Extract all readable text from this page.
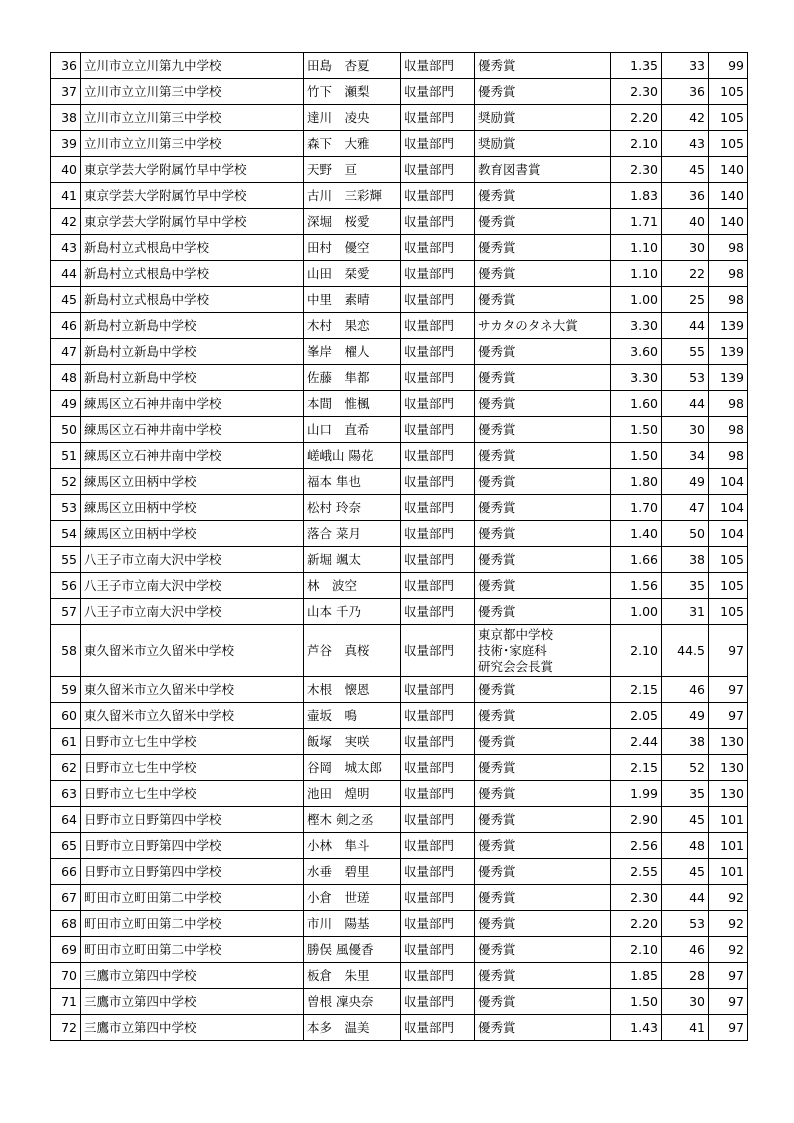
36	立川市立立川第九中学校	田島　杏夏	収量部門	優秀賞	1.35	33	99
37	立川市立立川第三中学校	竹下　瀬梨	収量部門	優秀賞	2.30	36	105
38	立川市立立川第三中学校	達川　凌央	収量部門	奨励賞	2.20	42	105
39	立川市立立川第三中学校	森下　大雅	収量部門	奨励賞	2.10	43	105
40	東京学芸大学附属竹早中学校	天野　亘	収量部門	教育図書賞	2.30	45	140
41	東京学芸大学附属竹早中学校	古川　三彩輝	収量部門	優秀賞	1.83	36	140
42	東京学芸大学附属竹早中学校	深堀　桜愛	収量部門	優秀賞	1.71	40	140
43	新島村立式根島中学校	田村　優空	収量部門	優秀賞	1.10	30	98
44	新島村立式根島中学校	山田　栞愛	収量部門	優秀賞	1.10	22	98
45	新島村立式根島中学校	中里　素晴	収量部門	優秀賞	1.00	25	98
46	新島村立新島中学校	木村　果恋	収量部門	サカタのタネ大賞	3.30	44	139
47	新島村立新島中学校	峯岸　櫂人	収量部門	優秀賞	3.60	55	139
48	新島村立新島中学校	佐藤　隼都	収量部門	優秀賞	3.30	53	139
49	練馬区立石神井南中学校	本間　惟楓	収量部門	優秀賞	1.60	44	98
50	練馬区立石神井南中学校	山口　直希	収量部門	優秀賞	1.50	30	98
51	練馬区立石神井南中学校	嵯峨山 陽花	収量部門	優秀賞	1.50	34	98
52	練馬区立田柄中学校	福本 隼也	収量部門	優秀賞	1.80	49	104
53	練馬区立田柄中学校	松村 玲奈	収量部門	優秀賞	1.70	47	104
54	練馬区立田柄中学校	落合 菜月	収量部門	優秀賞	1.40	50	104
55	八王子市立南大沢中学校	新堀 颯太	収量部門	優秀賞	1.66	38	105
56	八王子市立南大沢中学校	林　波空	収量部門	優秀賞	1.56	35	105
57	八王子市立南大沢中学校	山本 千乃	収量部門	優秀賞	1.00	31	105
58	東久留米市立久留米中学校	芦谷　真桜	収量部門	東京都中学校
技術･家庭科
研究会会長賞	2.10	44.5	97
59	東久留米市立久留米中学校	木根　懐恩	収量部門	優秀賞	2.15	46	97
60	東久留米市立久留米中学校	壷坂　鳴	収量部門	優秀賞	2.05	49	97
61	日野市立七生中学校	飯塚　実咲	収量部門	優秀賞	2.44	38	130
62	日野市立七生中学校	谷岡　城太郎	収量部門	優秀賞	2.15	52	130
63	日野市立七生中学校	池田　煌明	収量部門	優秀賞	1.99	35	130
64	日野市立日野第四中学校	樫木 剣之丞	収量部門	優秀賞	2.90	45	101
65	日野市立日野第四中学校	小林　隼斗	収量部門	優秀賞	2.56	48	101
66	日野市立日野第四中学校	水垂　碧里	収量部門	優秀賞	2.55	45	101
67	町田市立町田第二中学校	小倉　世瑳	収量部門	優秀賞	2.30	44	92
68	町田市立町田第二中学校	市川　陽基	収量部門	優秀賞	2.20	53	92
69	町田市立町田第二中学校	勝俣 風優香	収量部門	優秀賞	2.10	46	92
70	三鷹市立第四中学校	板倉　朱里	収量部門	優秀賞	1.85	28	97
71	三鷹市立第四中学校	曽根 凜央奈	収量部門	優秀賞	1.50	30	97
72	三鷹市立第四中学校	本多　温美	収量部門	優秀賞	1.43	41	97
